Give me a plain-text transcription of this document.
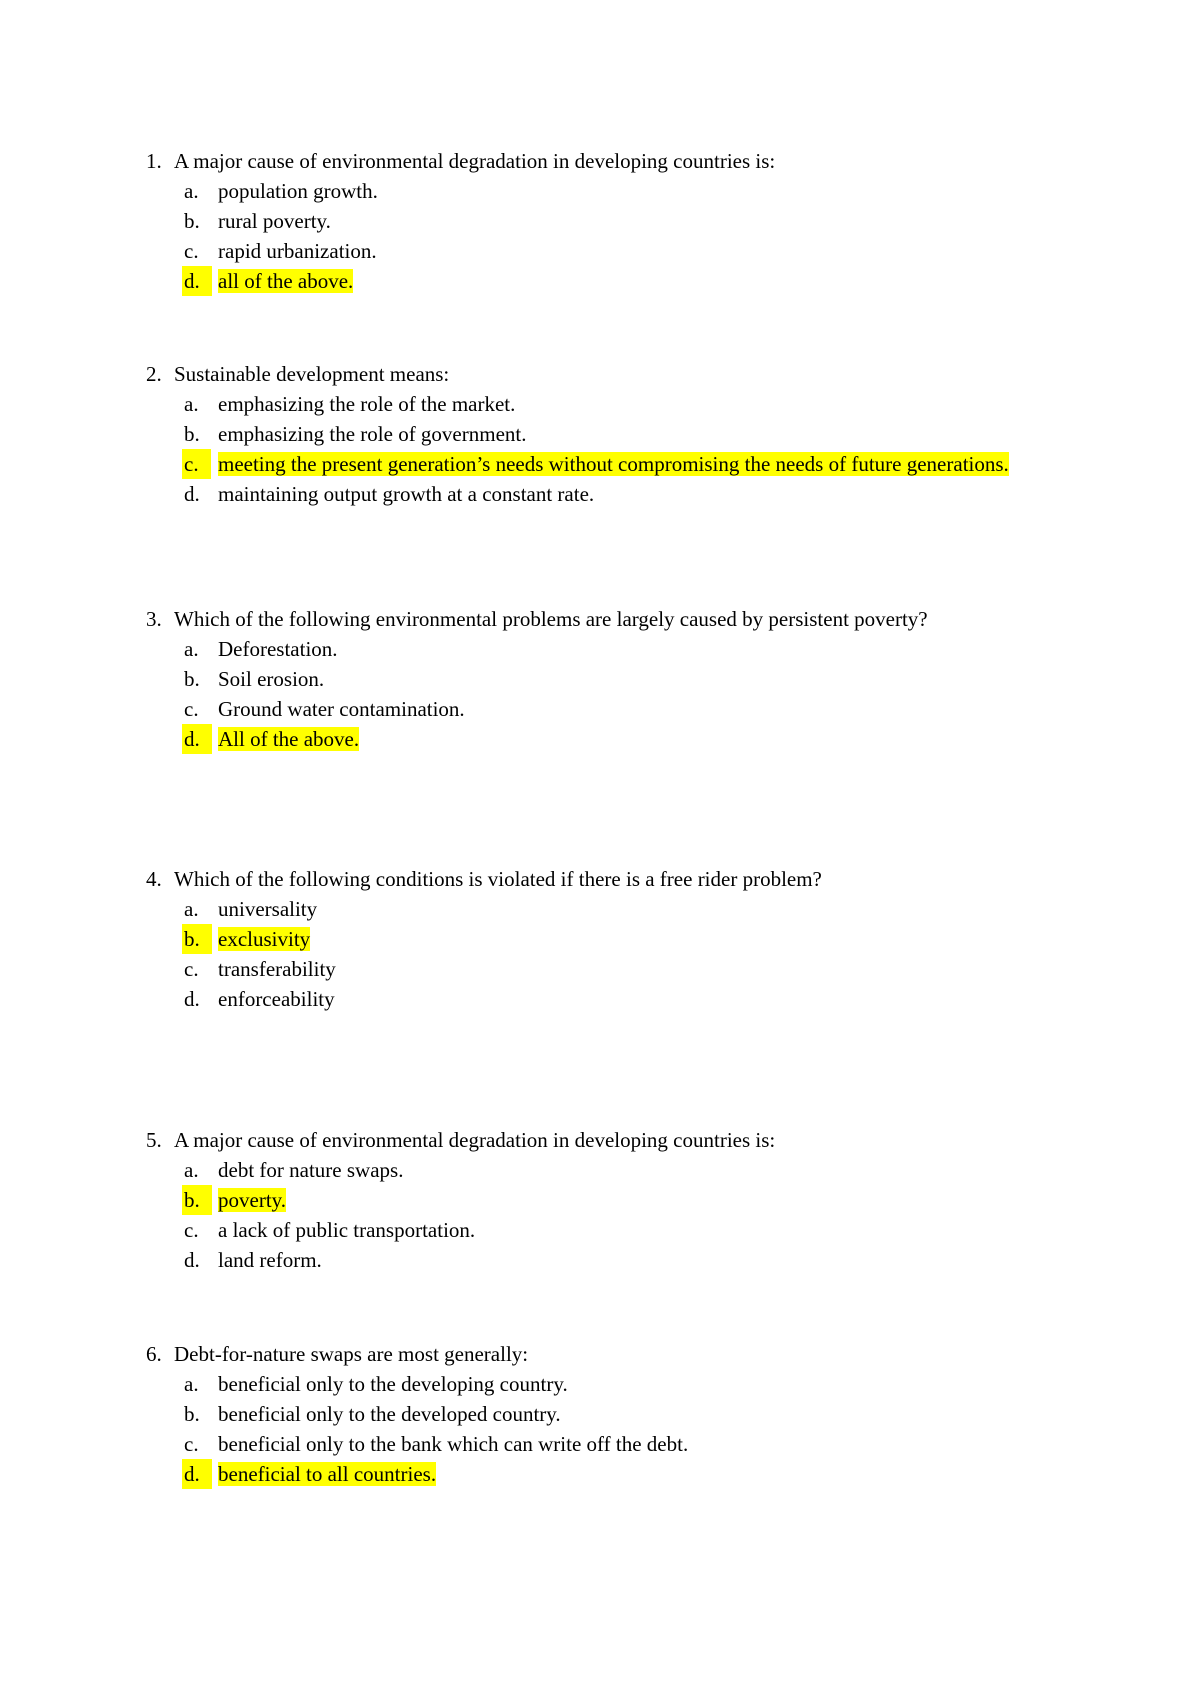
1. A major cause of environmental degradation in developing countries is:
a. population growth.
b. rural poverty.
c. rapid urbanization.
d. all of the above.
2. Sustainable development means:
a. emphasizing the role of the market.
b. emphasizing the role of government.
c. meeting the present generation’s needs without compromising the needs of future generations.
d. maintaining output growth at a constant rate.
3. Which of the following environmental problems are largely caused by persistent poverty?
a. Deforestation.
b. Soil erosion.
c. Ground water contamination.
d. All of the above.
4. Which of the following conditions is violated if there is a free rider problem?
a. universality
b. exclusivity
c. transferability
d. enforceability
5. A major cause of environmental degradation in developing countries is:
a. debt for nature swaps.
b. poverty.
c. a lack of public transportation.
d. land reform.
6. Debt-for-nature swaps are most generally:
a. beneficial only to the developing country.
b. beneficial only to the developed country.
c. beneficial only to the bank which can write off the debt.
d. beneficial to all countries.
